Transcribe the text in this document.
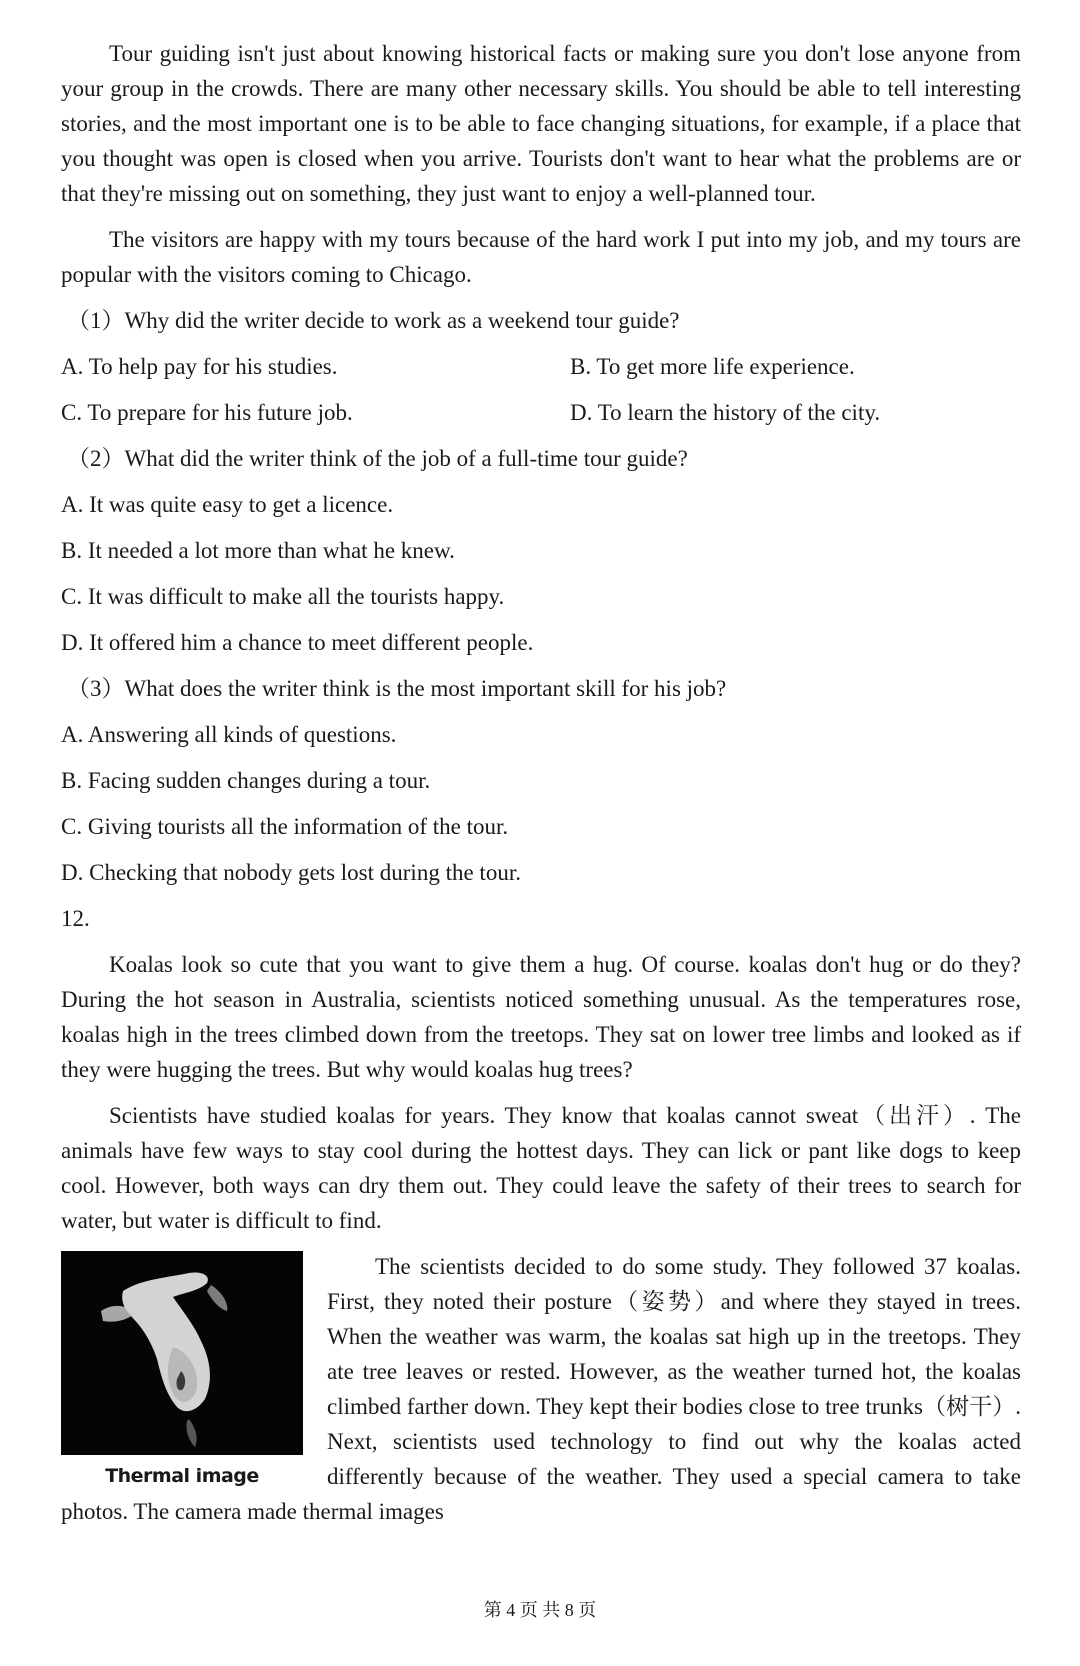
Tour guiding isn't just about knowing historical facts or making sure you don't lose anyone from your group in the crowds. There are many other necessary skills. You should be able to tell interesting stories, and the most important one is to be able to face changing situations, for example, if a place that you thought was open is closed when you arrive. Tourists don't want to hear what the problems are or that they're missing out on something, they just want to enjoy a well-planned tour.

The visitors are happy with my tours because of the hard work I put into my job, and my tours are popular with the visitors coming to Chicago.

（1）Why did the writer decide to work as a weekend tour guide?

A. To help pay for his studies.	B. To get more life experience.

C. To prepare for his future job.	D. To learn the history of the city.

（2）What did the writer think of the job of a full-time tour guide?

A. It was quite easy to get a licence.

B. It needed a lot more than what he knew.

C. It was difficult to make all the tourists happy.

D. It offered him a chance to meet different people.

（3）What does the writer think is the most important skill for his job?

A. Answering all kinds of questions.

B. Facing sudden changes during a tour.

C. Giving tourists all the information of the tour.

D. Checking that nobody gets lost during the tour.

12.

Koalas look so cute that you want to give them a hug. Of course. koalas don't hug or do they? During the hot season in Australia, scientists noticed something unusual. As the temperatures rose, koalas high in the trees climbed down from the treetops. They sat on lower tree limbs and looked as if they were hugging the trees. But why would koalas hug trees?

Scientists have studied koalas for years. They know that koalas cannot sweat（出汗）. The animals have few ways to stay cool during the hottest days. They can lick or pant like dogs to keep cool. However, both ways can dry them out. They could leave the safety of their trees to search for water, but water is difficult to find.

Thermal image

The scientists decided to do some study. They followed 37 koalas. First, they noted their posture（姿势）and where they stayed in trees. When the weather was warm, the koalas sat high up in the treetops. They ate tree leaves or rested. However, as the weather turned hot, the koalas climbed farther down. They kept their bodies close to tree trunks（树干）. Next, scientists used technology to find out why the koalas acted differently because of the weather. They used a special camera to take photos. The camera made thermal images

第 4 页 共 8 页
